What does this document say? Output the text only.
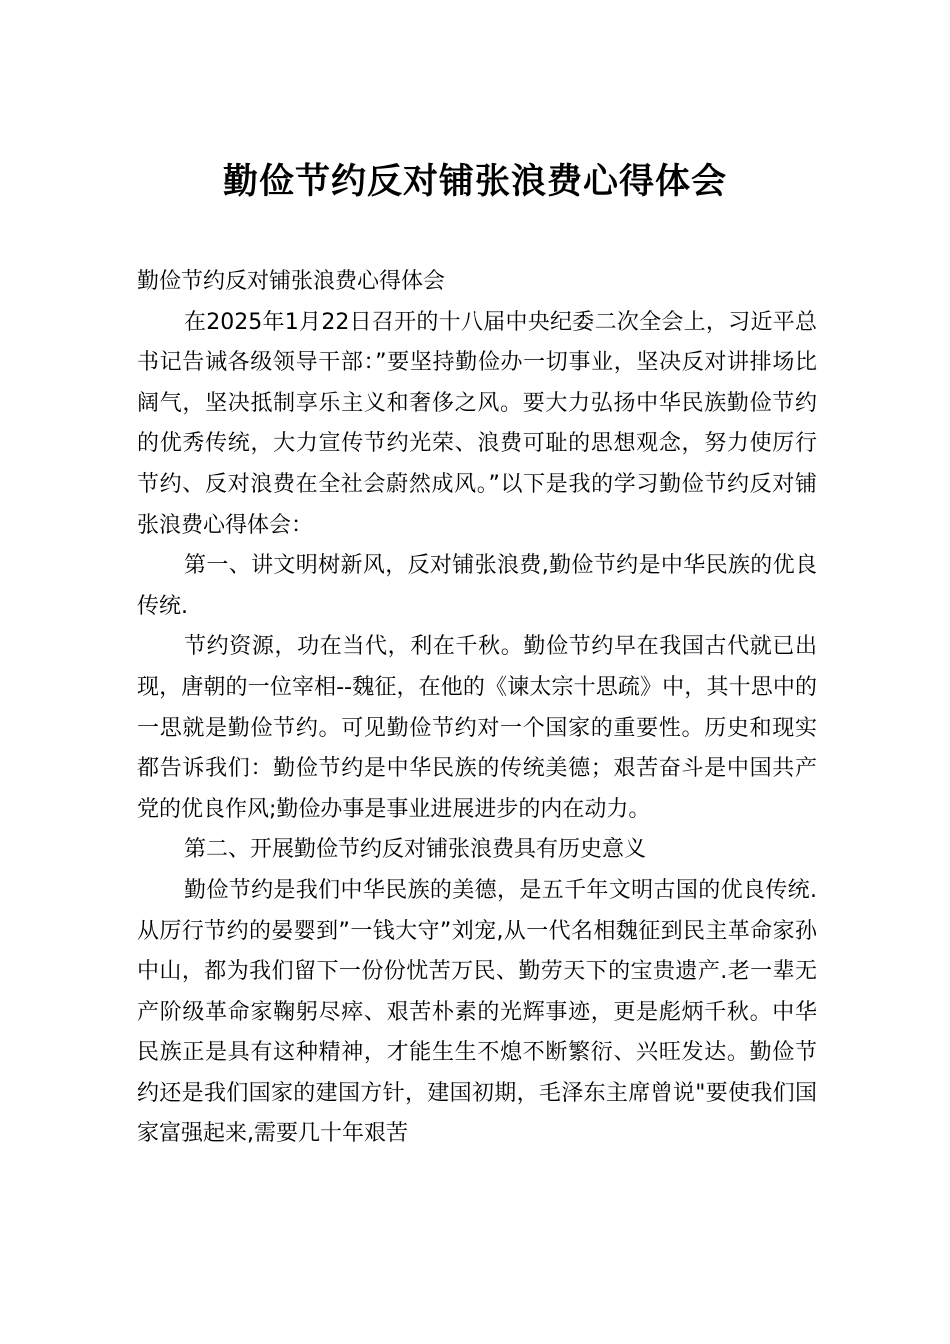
勤俭节约反对铺张浪费心得体会

勤俭节约反对铺张浪费心得体会

在2025年1月22日召开的十八届中央纪委二次全会上，习近平总书记告诫各级领导干部：”要坚持勤俭办一切事业，坚决反对讲排场比阔气，坚决抵制享乐主义和奢侈之风。要大力弘扬中华民族勤俭节约的优秀传统，大力宣传节约光荣、浪费可耻的思想观念，努力使厉行节约、反对浪费在全社会蔚然成风。”以下是我的学习勤俭节约反对铺张浪费心得体会：

第一、讲文明树新风，反对铺张浪费,勤俭节约是中华民族的优良传统.

节约资源，功在当代，利在千秋。勤俭节约早在我国古代就已出现，唐朝的一位宰相--魏征，在他的《谏太宗十思疏》中，其十思中的一思就是勤俭节约。可见勤俭节约对一个国家的重要性。历史和现实都告诉我们：勤俭节约是中华民族的传统美德；艰苦奋斗是中国共产党的优良作风;勤俭办事是事业进展进步的内在动力。

第二、开展勤俭节约反对铺张浪费具有历史意义

勤俭节约是我们中华民族的美德，是五千年文明古国的优良传统.从厉行节约的晏婴到”一钱大守”刘宠,从一代名相魏征到民主革命家孙中山，都为我们留下一份份忧苦万民、勤劳天下的宝贵遗产.老一辈无产阶级革命家鞠躬尽瘁、艰苦朴素的光辉事迹，更是彪炳千秋。中华民族正是具有这种精神，才能生生不熄不断繁衍、兴旺发达。勤俭节约还是我们国家的建国方针，建国初期，毛泽东主席曾说"要使我们国家富强起来,需要几十年艰苦
